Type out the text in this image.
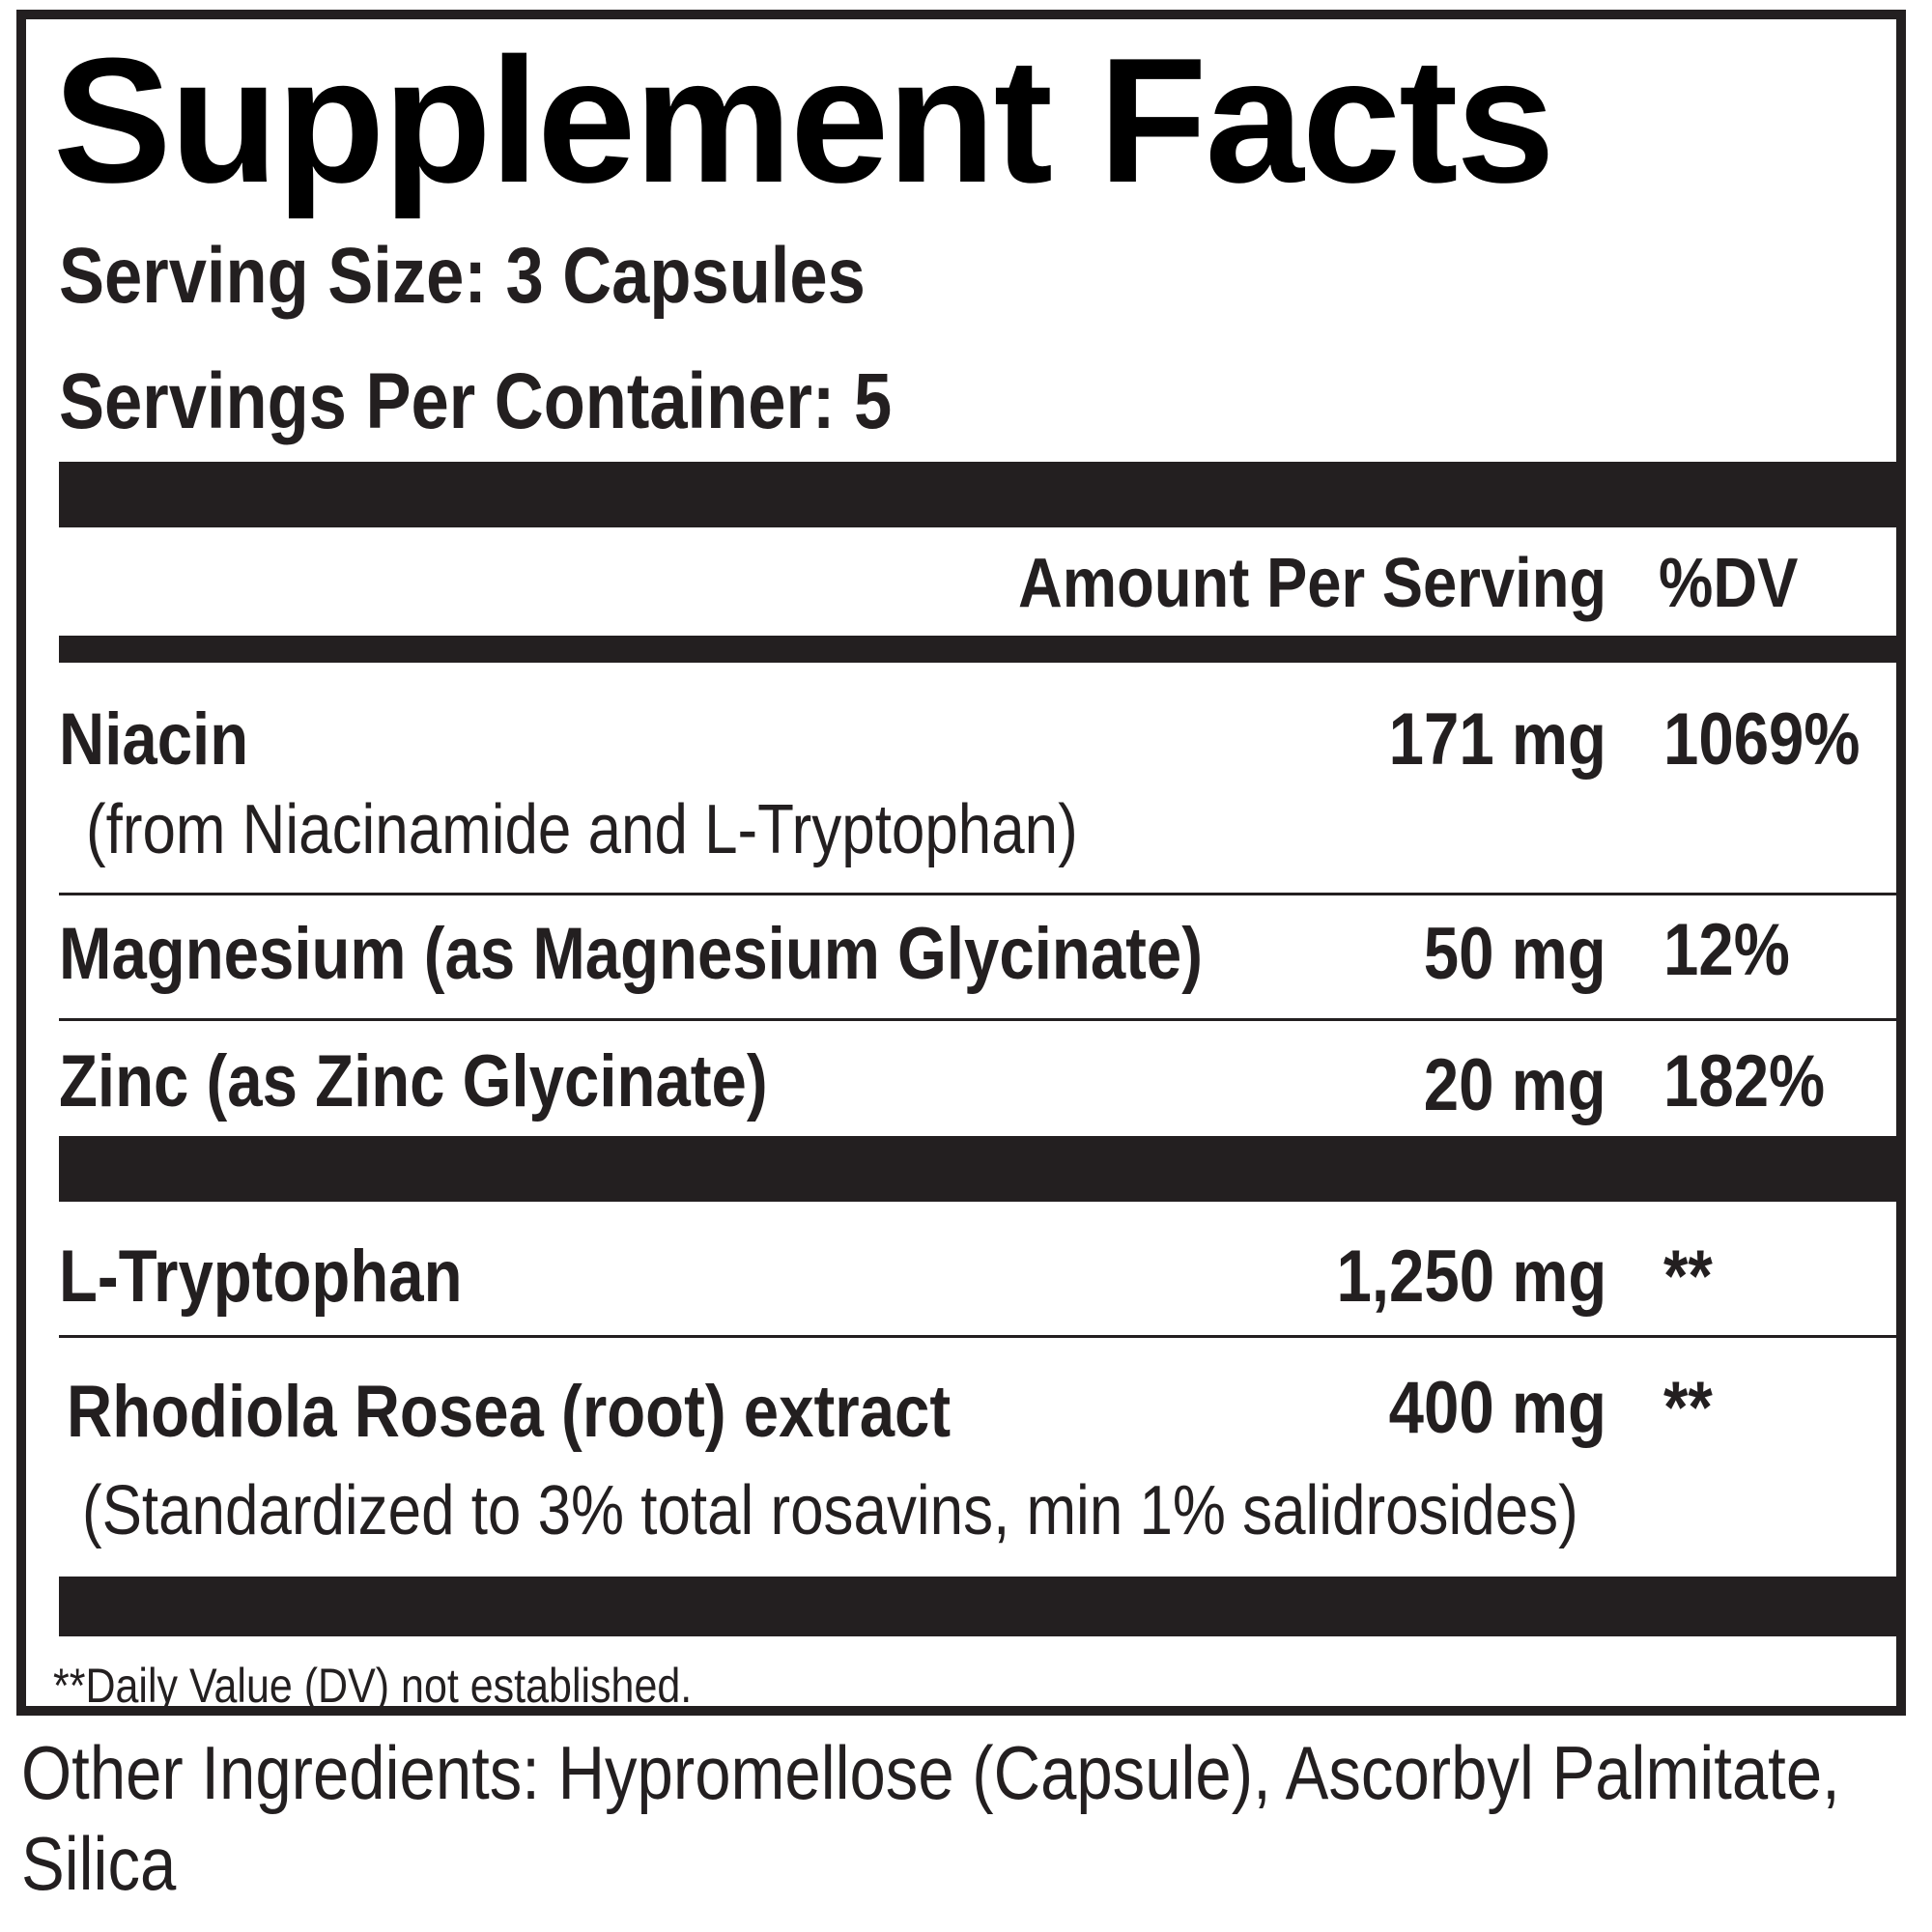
Supplement Facts
Serving Size: 3 Capsules
Servings Per Container: 5
Amount Per Serving %DV
Niacin	171 mg 1069%
(from Niacinamide and L-Tryptophan)
Magnesium (as Magnesium Glycinate)	50 mg 12%
Zinc (as Zinc Glycinate)	20 mg 182%
L-Tryptophan	1,250 mg **
Rhodiola Rosea (root) extract	400 mg **
(Standardized to 3% total rosavins, min 1% salidrosides)
**Daily Value (DV) not established.
Other Ingredients: Hypromellose (Capsule), Ascorbyl Palmitate,
Silica
